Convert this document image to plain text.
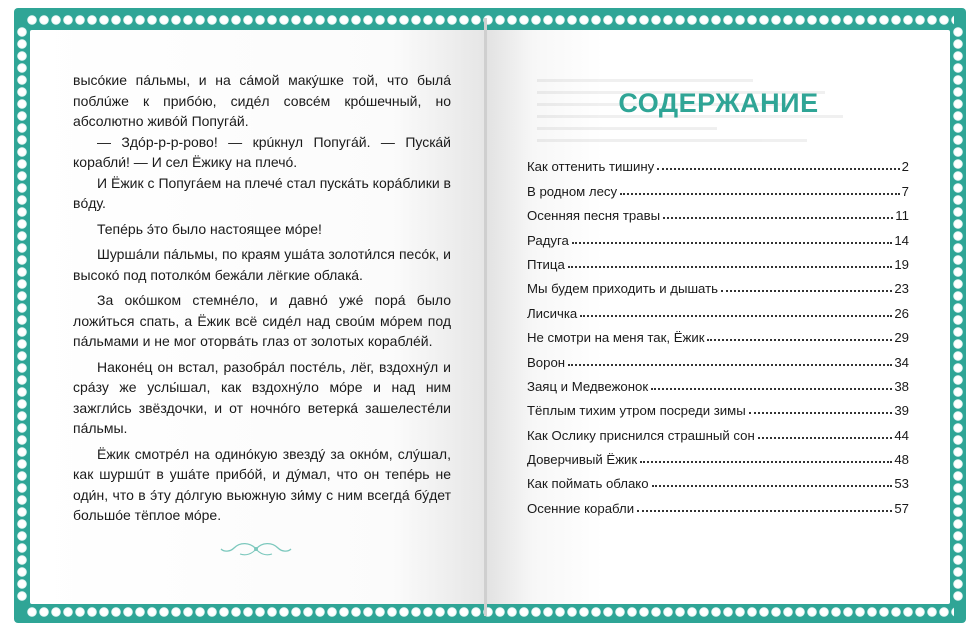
высóкие пáльмы, и на сáмой макýшке той, что былá поблúже к прибóю, сидéл совсéм крóшечный, но абсолютно живóй Попугáй.

— Здóр-р-р-рово! — крúкнул Попугáй. — Пускáй корабли́! — И сел Ёжику на плечó.

И Ёжик с Попугáем на плечé стал пускáть корáблики в вóду.

Тепéрь э́то было настоящее мóре!

Шуршáли пáльмы, по краям ушáта золоти́лся песóк, и высокó под потолкóм бежáли лёгкие облакá.

За окóшком стемнéло, и давнó ужé порá было ложи́ться спать, а Ёжик всё сидéл над своúм мóрем под пáльмами и не мог оторвáть глаз от золотых кораблéй.

Наконéц он встал, разобрáл постéль, лёг, вздохнýл и срáзу же услы́шал, как вздохнýло мóре и над ним зажгли́сь звёздочки, и от ночнóго ветеркá зашелестéли пáльмы.

Ёжик смотрéл на одинóкую звездý за окнóм, слýшал, как шуршúт в ушáте прибóй, и дýмал, что он тепéрь не оди́н, что в э́ту дóлгую вьюжную зи́му с ним всегдá бýдет большóе тёплое мóре.

СОДЕРЖАНИЕ
Как оттенить тишину	2
В родном лесу	7
Осенняя песня травы	11
Радуга	14
Птица	19
Мы будем приходить и дышать	23
Лисичка	26
Не смотри на меня так, Ёжик	29
Ворон	34
Заяц и Медвежонок	38
Тёплым тихим утром посреди зимы	39
Как Ослику приснился страшный сон	44
Доверчивый Ёжик	48
Как поймать облако	53
Осенние корабли	57
